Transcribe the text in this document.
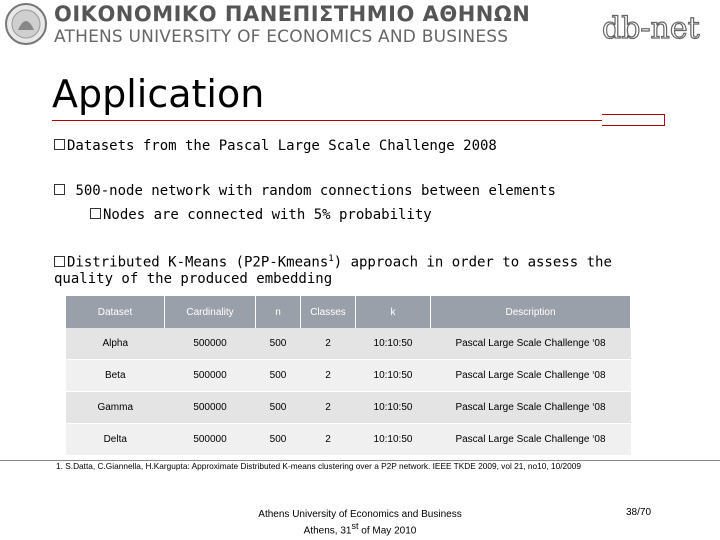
ΟΙΚΟΝΟΜΙΚΟ ΠΑΝΕΠΙΣΤΗΜΙΟ ΑΘΗΝΩΝ
ATHENS UNIVERSITY OF ECONOMICS AND BUSINESS	db-net
Application
Datasets from the Pascal Large Scale Challenge 2008
500-node network with random connections between elements
Nodes are connected with 5% probability
Distributed K-Means (P2P-Kmeans$^1$) approach in order to assess the
quality of the produced embedding
Dataset	Cardinality	n	Classes	k	Description
Alpha	500000	500	2	10:10:50	Pascal Large Scale Challenge ‘08
Beta	500000	500	2	10:10:50	Pascal Large Scale Challenge ‘08
Gamma	500000	500	2	10:10:50	Pascal Large Scale Challenge ‘08
Delta	500000	500	2	10:10:50	Pascal Large Scale Challenge ‘08
1. S.Datta, C.Giannella, H.Kargupta: Approximate Distributed K-means clustering over a P2P network. IEEE TKDE 2009, vol 21, no10, 10/2009
Athens University of Economics and Business
Athens, 31st of May 2010
38/70
